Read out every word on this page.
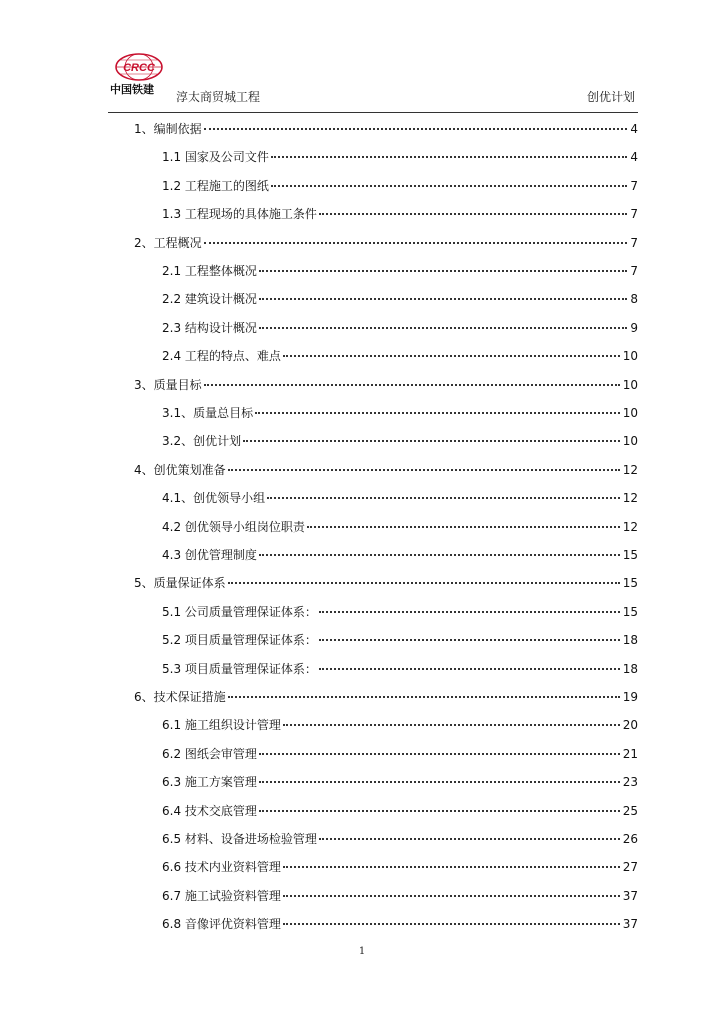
CRCC
中国铁建
淳太商贸城工程	创优计划
1、编制依据	4
1.1 国家及公司文件	4
1.2 工程施工的图纸	7
1.3 工程现场的具体施工条件	7
2、工程概况	7
2.1 工程整体概况	7
2.2 建筑设计概况	8
2.3 结构设计概况	9
2.4 工程的特点、难点	10
3、质量目标	10
3.1、质量总目标	10
3.2、创优计划	10
4、创优策划准备	12
4.1、创优领导小组	12
4.2 创优领导小组岗位职责	12
4.3 创优管理制度	15
5、质量保证体系	15
5.1 公司质量管理保证体系：	15
5.2 项目质量管理保证体系：	18
5.3 项目质量管理保证体系：	18
6、技术保证措施	19
6.1 施工组织设计管理	20
6.2 图纸会审管理	21
6.3 施工方案管理	23
6.4 技术交底管理	25
6.5 材料、设备进场检验管理	26
6.6 技术内业资料管理	27
6.7 施工试验资料管理	37
6.8 音像评优资料管理	37
1
